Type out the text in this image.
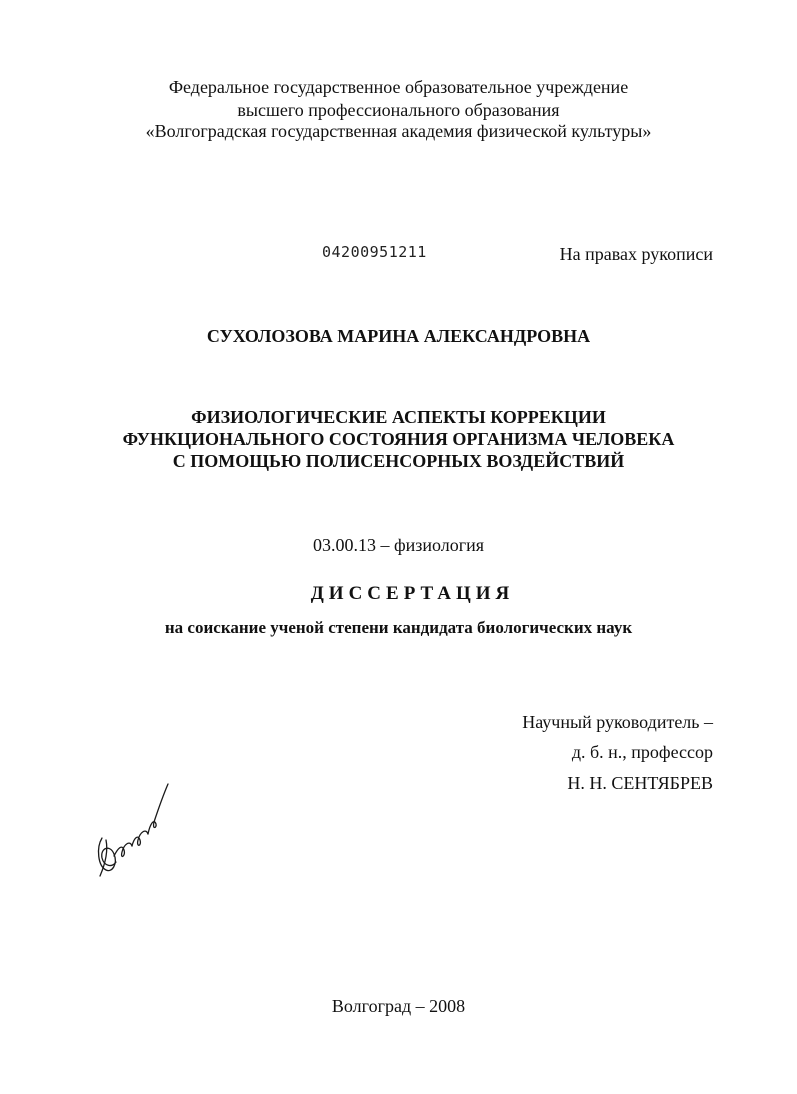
Федеральное государственное образовательное учреждение
высшего профессионального образования
«Волгоградская государственная академия физической культуры»
04200951211	На правах рукописи
СУХОЛОЗОВА МАРИНА АЛЕКСАНДРОВНА
ФИЗИОЛОГИЧЕСКИЕ АСПЕКТЫ КОРРЕКЦИИ
ФУНКЦИОНАЛЬНОГО СОСТОЯНИЯ ОРГАНИЗМА ЧЕЛОВЕКА
С ПОМОЩЬЮ ПОЛИСЕНСОРНЫХ ВОЗДЕЙСТВИЙ
03.00.13 – физиология
ДИССЕРТАЦИЯ
на соискание ученой степени кандидата биологических наук
Научный руководитель –
д. б. н., профессор
Н. Н. СЕНТЯБРЕВ
Волгоград – 2008
